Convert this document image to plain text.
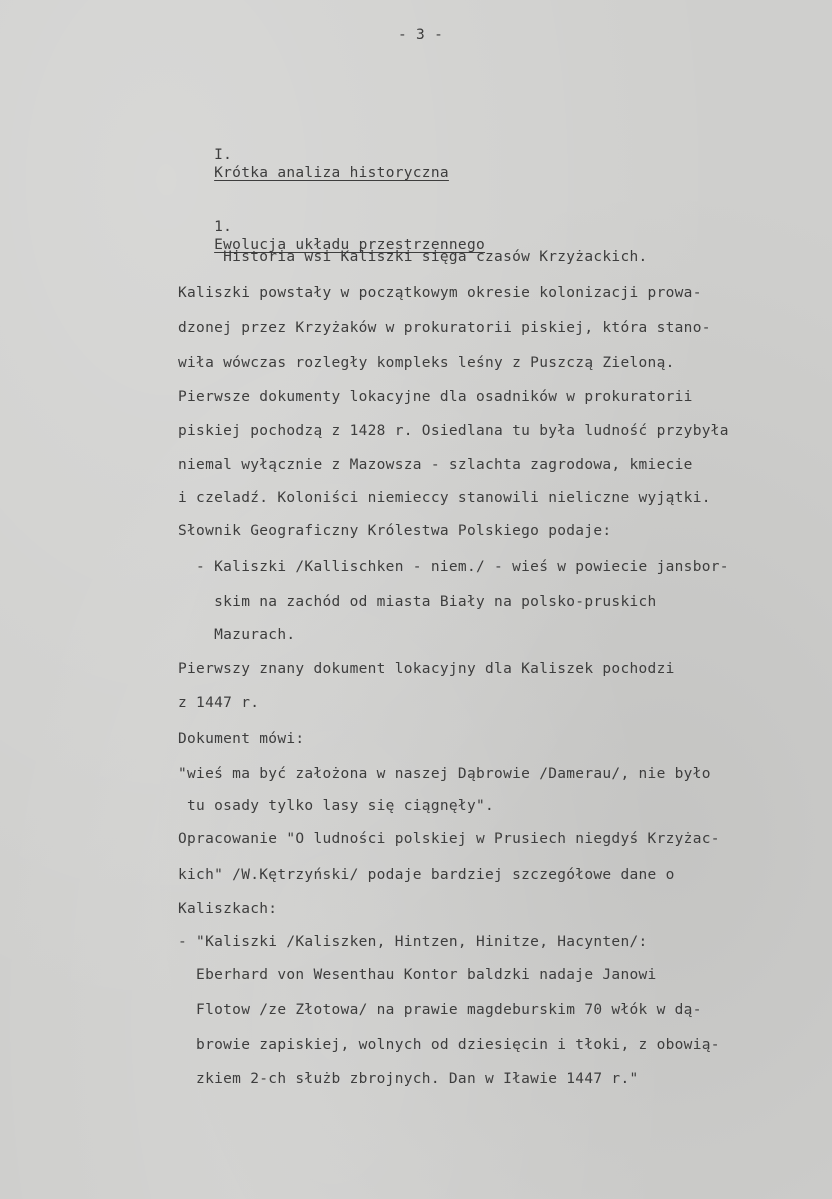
- 3 -

I.
Krótka analiza historyczna

1.
Ewolucja układu przestrzennego

Historia wsi Kaliszki sięga czasów Krzyżackich.
Kaliszki powstały w początkowym okresie kolonizacji prowa-
dzonej przez Krzyżaków w prokuratorii piskiej, która stano-
wiła wówczas rozległy kompleks leśny z Puszczą Zieloną.
Pierwsze dokumenty lokacyjne dla osadników w prokuratorii
piskiej pochodzą z 1428 r. Osiedlana tu była ludność przybyła
niemal wyłącznie z Mazowsza - szlachta zagrodowa, kmiecie
i czeladź. Koloniści niemieccy stanowili nieliczne wyjątki.
Słownik Geograficzny Królestwa Polskiego podaje:
- Kaliszki /Kallischken - niem./ - wieś w powiecie jansbor-
skim na zachód od miasta Biały na polsko-pruskich
Mazurach.
Pierwszy znany dokument lokacyjny dla Kaliszek pochodzi
z 1447 r.
Dokument mówi:
"wieś ma być założona w naszej Dąbrowie /Damerau/, nie było
tu osady tylko lasy się ciągnęły".
Opracowanie "O ludności polskiej w Prusiech niegdyś Krzyżac-
kich" /W.Kętrzyński/ podaje bardziej szczegółowe dane o
Kaliszkach:
- "Kaliszki /Kaliszken, Hintzen, Hinitze, Hacynten/:
Eberhard von Wesenthau Kontor baldzki nadaje Janowi
Flotow /ze Złotowa/ na prawie magdeburskim 70 włók w dą-
browie zapiskiej, wolnych od dziesięcin i tłoki, z obowią-
zkiem 2-ch służb zbrojnych. Dan w Iławie 1447 r."
